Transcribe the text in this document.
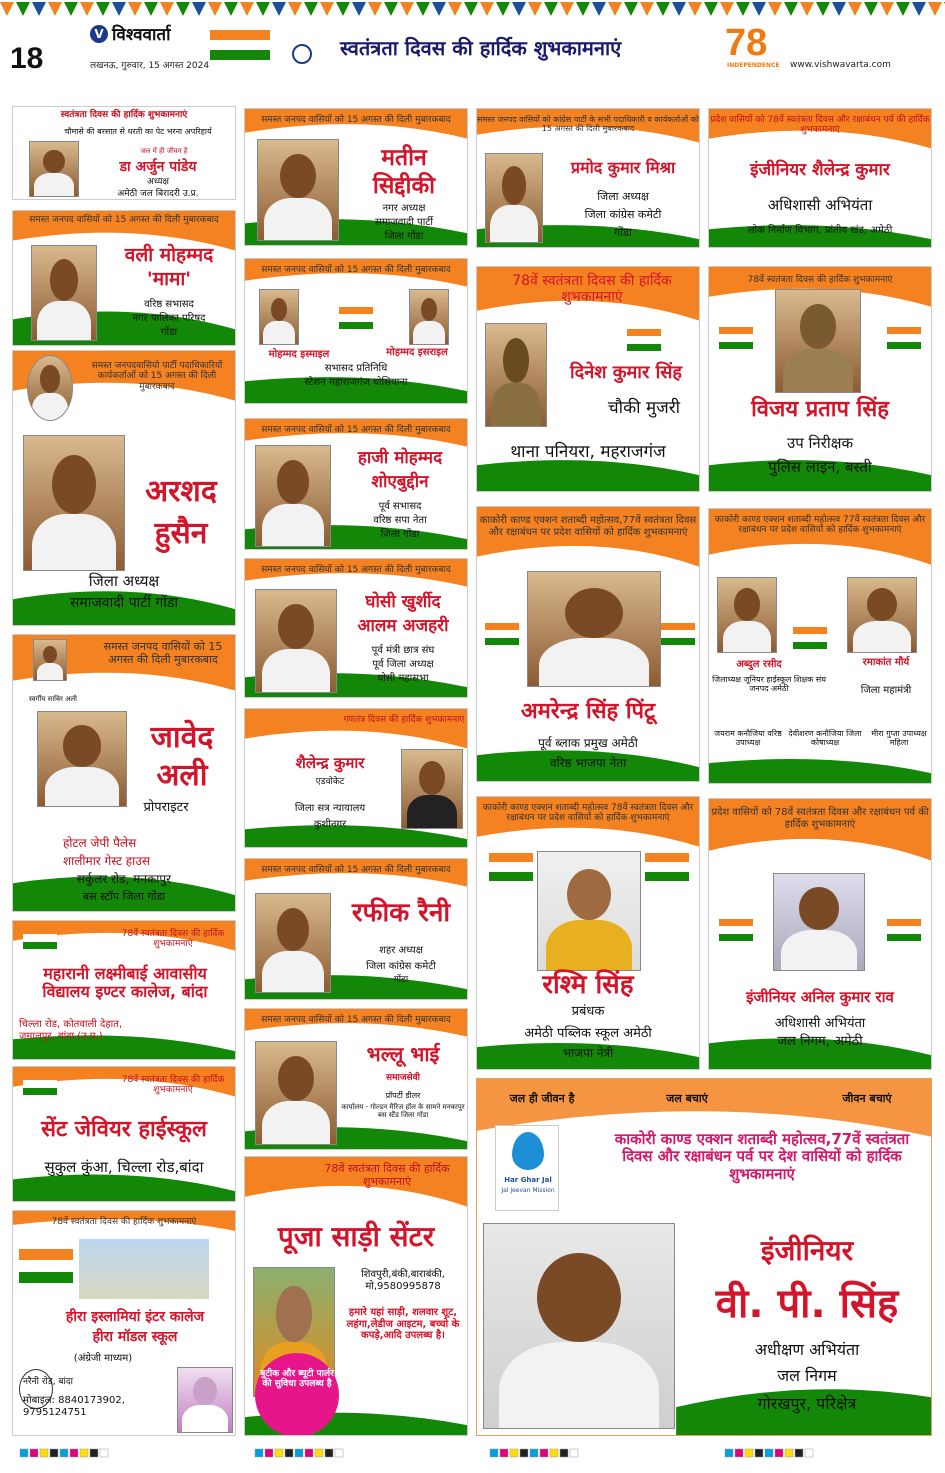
18
V विश्ववार्ता
लखनऊ, गुरुवार, 15 अगस्त 2024
स्वतंत्रता दिवस की हार्दिक शुभकामनाएं	78
INDEPENDENCE www.vishwavarta.com
स्वतंत्रता दिवस की हार्दिक शुभकामनाएं
चौमासे की बरसात से धरती का पेट भरना अपरिहार्य
जल में ही जीवन है
डा अर्जुन पांडेय
अध्यक्ष
अमेठी जल बिरादरी उ.प्र.
समस्त जनपद वासियों को 15 अगस्त की दिली मुबारकबाद
वली मोहम्मद
'मामा'
वरिष्ठ सभासद
नगर पालिका परिषद
गोंडा
समस्त जनपदवासियो पार्टी पदाधिकारियों कार्यकर्ताओं को 15 अगस्त की दिली मुबारकबाद
अरशद
हुसैन
जिला अध्यक्ष
समाजवादी पार्टी गोंडा
स्वर्गीय साबिर अली
समस्त जनपद वासियों को 15 अगस्त की दिली मुबारकबाद
जावेद
अली
प्रोपराइटर
होटल जेपी पैलेस
शालीमार गेस्ट हाउस
सर्कुलर रोड, मनकापुर
बस स्टॉप जिला गोंडा
78वें स्वतंत्रता दिवस की हार्दिक शुभकामनाएं
महारानी लक्ष्मीबाई आवासीय विद्यालय इण्टर कालेज, बांदा
चिल्ला रोड, कोतवाली देहात, जमालपुर, बांदा (उ.प्र.)
78वें स्वतंत्रता दिवस की हार्दिक शुभकामनाएं
सेंट जेवियर हाईस्कूल
सुकुल कुंआ, चिल्ला रोड,बांदा
78वें स्वतंत्रता दिवस की हार्दिक शुभकामनाएं
हीरा इस्लामियां इंटर कालेज
हीरा मॉडल स्कूल
(अंग्रेजी माध्यम)
नरैनी रोड, बांदा
मोबाइल: 8840173902, 9795124751
समस्त जनपद वासियों को 15 अगस्त की दिली मुबारकबाद
मतीन
सिद्दीकी
नगर अध्यक्ष
समाजवादी पार्टी
जिला गोंडा
समस्त जनपद वासियों को 15 अगस्त की दिली मुबारकबाद
मोहम्मद इस्माइल	मोहम्मद इसराइल
सभासद प्रतिनिधि
स्टेशन महाराजगंज घोसियाना
समस्त जनपद वासियों को 15 अगस्त की दिली मुबारकबाद
हाजी मोहम्मद
शोएबुद्दीन
पूर्व सभासद
वरिष्ठ सपा नेता
जिला गोंडा
समस्त जनपद वासियों को 15 अगस्त की दिली मुबारकबाद
घोसी खुर्शीद
आलम अजहरी
पूर्व मंत्री छात्र संघ
पूर्व जिला अध्यक्ष
घोसी महासभा
गणतंत्र दिवस की हार्दिक शुभकामनाएं
शैलेन्द्र कुमार
एडवोकेट
जिला सत्र न्यायालय
कुशीनगर
समस्त जनपद वासियों को 15 अगस्त की दिली मुबारकबाद
रफीक रैनी
शहर अध्यक्ष
जिला कांग्रेस कमेटी
गोंडा
समस्त जनपद वासियों को 15 अगस्त की दिली मुबारकबाद
भल्लू भाई
समाजसेवी
प्रॉपर्टी डीलर
कार्यालय - गोल्डन मैरिज हॉल के सामने मनकापुर बस स्टैंड जिला गोंडा
78वें स्वतंत्रता दिवस की हार्दिक शुभकामनाएं
पूजा साड़ी सेंटर
शिवपुरी,बंकी,बाराबंकी, मो,9580995878
हमारे यहां साड़ी, शलवार शूट, लहंगा,लेडीज आइटम, बच्चो के कपड़े,आदि उपलब्ध है।
बुटीक और ब्यूटी पार्लर की सुविधा उपलब्ध है
समस्त जनपद वासियों को कांग्रेस पार्टी के सभी पदाधिकारी व कार्यकर्ताओं को 15 अगस्त की दिली मुबारकबाद
प्रमोद कुमार मिश्रा
जिला अध्यक्ष
जिला कांग्रेस कमेटी
गोंडा
78वें स्वतंत्रता दिवस की हार्दिक शुभकामनाएं
दिनेश कुमार सिंह
चौकी मुजरी
थाना पनियरा, महराजगंज
काकोरी काण्ड एक्शन शताब्दी महोत्सव,77वें स्वतंत्रता दिवस और रक्षाबंधन पर प्रदेश वासियों को हार्दिक शुभकामनाएं
अमरेन्द्र सिंह पिंटू
पूर्व ब्लाक प्रमुख अमेठी
वरिष्ठ भाजपा नेता
काकोरी काण्ड एक्शन शताब्दी महोत्सव 78वें स्वतंत्रता दिवस और रक्षाबंधन पर प्रदेश वासियों को हार्दिक शुभकामनाएं
रश्मि सिंह
प्रबंधक
अमेठी पब्लिक स्कूल अमेठी
भाजपा नेत्री
प्रदेश वासियों को 78वें स्वतंत्रता दिवस और रक्षाबंधन पर्व की हार्दिक शुभकामनाएं
इंजीनियर शैलेन्द्र कुमार
अधिशासी अभियंता
लोक निर्माण विभाग, प्रांतीय खंड, अमेठी
78वें स्वतंत्रता दिवस की हार्दिक शुभकामनाएं
विजय प्रताप सिंह
उप निरीक्षक
पुलिस लाइन, बस्ती
काकोरी काण्ड एक्शन शताब्दी महोत्सव 77वें स्वतंत्रता दिवस और रक्षाबंधन पर प्रदेश वासियों को हार्दिक शुभकामनाएं
अब्दुल रसीद
जिलाध्यक्ष जूनियर हाईस्कूल शिक्षक संघ जनपद अमेठी
रमाकांत मौर्य
जिला महामंत्री
जयराम कनौजिया वरिष्ठ उपाध्यक्ष
देवीशरण कनौजिया जिला कोषाध्यक्ष
मीरा गुप्ता उपाध्यक्ष महिला
प्रदेश वासियों को 78वें स्वतंत्रता दिवस और रक्षाबंधन पर्व की हार्दिक शुभकामनाएं
इंजीनियर अनिल कुमार राव
अधिशासी अभियंता
जल निगम, अमेठी
जल ही जीवन है	जल बचाएं	जीवन बचाएं
Har Ghar Jal
Jal Jeevan Mission
काकोरी काण्ड एक्शन शताब्दी महोत्सव,77वें स्वतंत्रता दिवस और रक्षाबंधन पर्व पर देश वासियों को हार्दिक शुभकामनाएं
इंजीनियर
वी. पी. सिंह
अधीक्षण अभियंता
जल निगम
गोरखपुर, परिक्षेत्र
